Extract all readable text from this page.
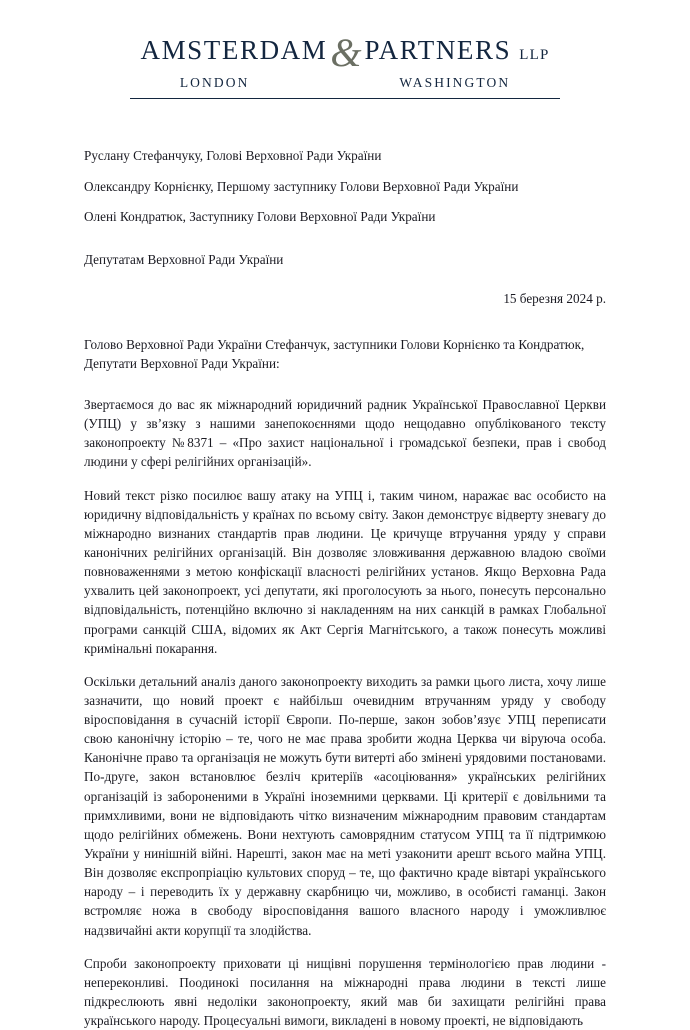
AMSTERDAM & PARTNERS LLP
LONDON	WASHINGTON
Руслану Стефанчуку, Голові Верховної Ради України
Олександру Корнієнку, Першому заступнику Голови Верховної Ради України
Олені Кондратюк, Заступнику Голови Верховної Ради України
Депутатам Верховної Ради України
15 березня 2024 р.
Голово Верховної Ради України Стефанчук, заступники Голови Корнієнко та Кондратюк,
Депутати Верховної Ради України:

Звертаємося до вас як міжнародний юридичний радник Української Православної Церкви (УПЦ) у зв’язку з нашими занепокоєннями щодо нещодавно опублікованого тексту законопроекту №8371 – «Про захист національної і громадської безпеки, прав і свобод людини у сфері релігійних організацій».

Новий текст різко посилює вашу атаку на УПЦ і, таким чином, наражає вас особисто на юридичну відповідальність у країнах по всьому світу. Закон демонструє відверту зневагу до міжнародно визнаних стандартів прав людини. Це кричуще втручання уряду у справи канонічних релігійних організацій. Він дозволяє зловживання державною владою своїми повноваженнями з метою конфіскації власності релігійних установ. Якщо Верховна Рада ухвалить цей законопроект, усі депутати, які проголосують за нього, понесуть персонально відповідальність, потенційно включно зі накладенням на них санкцій в рамках Глобальної програми санкцій США, відомих як Акт Сергія Магнітського, а також понесуть можливі кримінальні покарання.

Оскільки детальний аналіз даного законопроекту виходить за рамки цього листа, хочу лише зазначити, що новий проект є найбільш очевидним втручанням уряду у свободу віросповідання в сучасній історії Європи. По-перше, закон зобов’язує УПЦ переписати свою канонічну історію – те, чого не має права зробити жодна Церква чи віруюча особа. Канонічне право та організація не можуть бути витерті або змінені урядовими постановами. По-друге, закон встановлює безліч критеріїв «асоціювання» українських релігійних організацій із забороненими в Україні іноземними церквами. Ці критерії є довільними та примхливими, вони не відповідають чітко визначеним міжнародним правовим стандартам щодо релігійних обмежень. Вони нехтують самоврядним статусом УПЦ та її підтримкою України у нинішній війні. Нарешті, закон має на меті узаконити арешт всього майна УПЦ. Він дозволяє експропріацію культових споруд – те, що фактично краде вівтарі українського народу – і переводить їх у державну скарбницю чи, можливо, в особисті гаманці. Закон встромляє ножа в свободу віросповідання вашого власного народу і уможливлює надзвичайні акти корупції та злодійства.

Спроби законопроекту приховати ці нищівні порушення термінологією прав людини - непереконливі. Поодинокі посилання на міжнародні права людини в тексті лише підкреслюють явні недоліки законопроекту, який мав би захищати релігійні права українського народу. Процесуальні вимоги, викладені в новому проекті, не відповідають
